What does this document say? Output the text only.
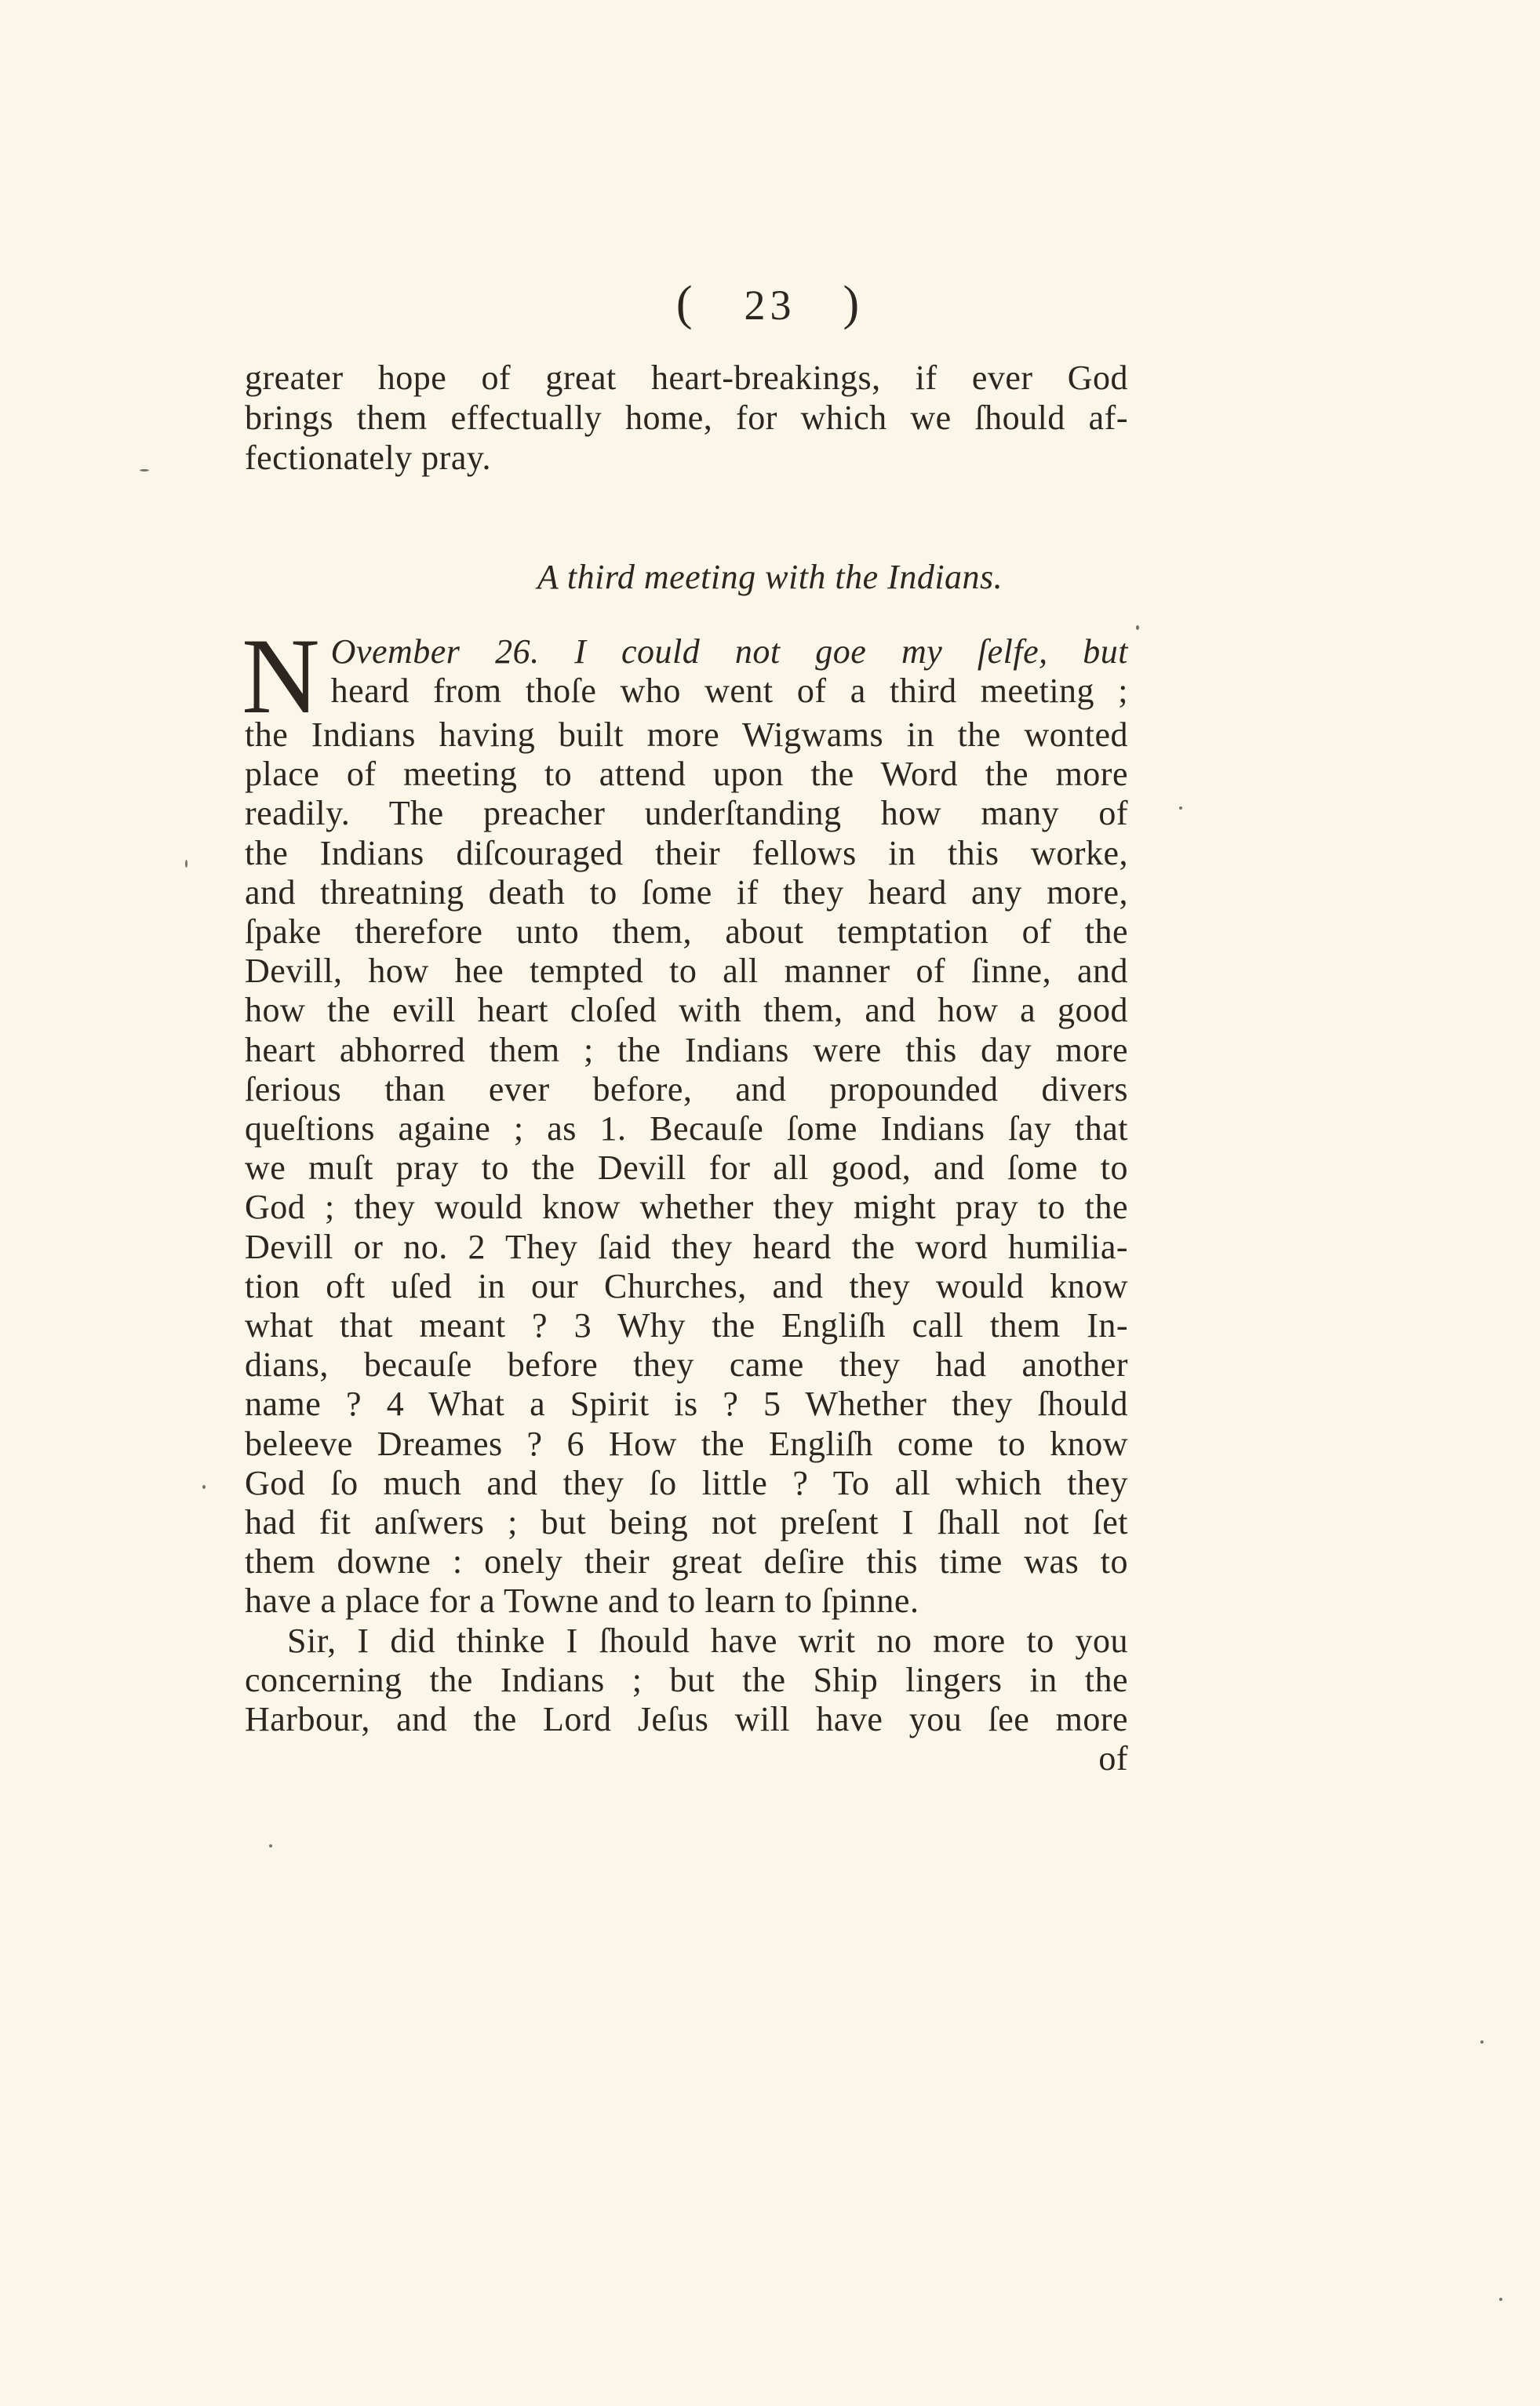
( 23 )
greater hope of great heart-breakings, if ever God
brings them effectually home, for which we ſhould af-
fectionately pray.
A third meeting with the Indians.
N Ovember 26. I could not goe my ſelfe, but
heard from thoſe who went of a third meeting ;
the Indians having built more Wigwams in the wonted
place of meeting to attend upon the Word the more
readily. The preacher underſtanding how many of
the Indians diſcouraged their fellows in this worke,
and threatning death to ſome if they heard any more,
ſpake therefore unto them, about temptation of the
Devill, how hee tempted to all manner of ſinne, and
how the evill heart cloſed with them, and how a good
heart abhorred them ; the Indians were this day more
ſerious than ever before, and propounded divers
queſtions againe ; as 1. Becauſe ſome Indians ſay that
we muſt pray to the Devill for all good, and ſome to
God ; they would know whether they might pray to the
Devill or no. 2 They ſaid they heard the word humilia-
tion oft uſed in our Churches, and they would know
what that meant ? 3 Why the Engliſh call them In-
dians, becauſe before they came they had another
name ? 4 What a Spirit is ? 5 Whether they ſhould
beleeve Dreames ? 6 How the Engliſh come to know
God ſo much and they ſo little ? To all which they
had fit anſwers ; but being not preſent I ſhall not ſet
them downe : onely their great deſire this time was to
have a place for a Towne and to learn to ſpinne.
Sir, I did thinke I ſhould have writ no more to you
concerning the Indians ; but the Ship lingers in the
Harbour, and the Lord Jeſus will have you ſee more
of
